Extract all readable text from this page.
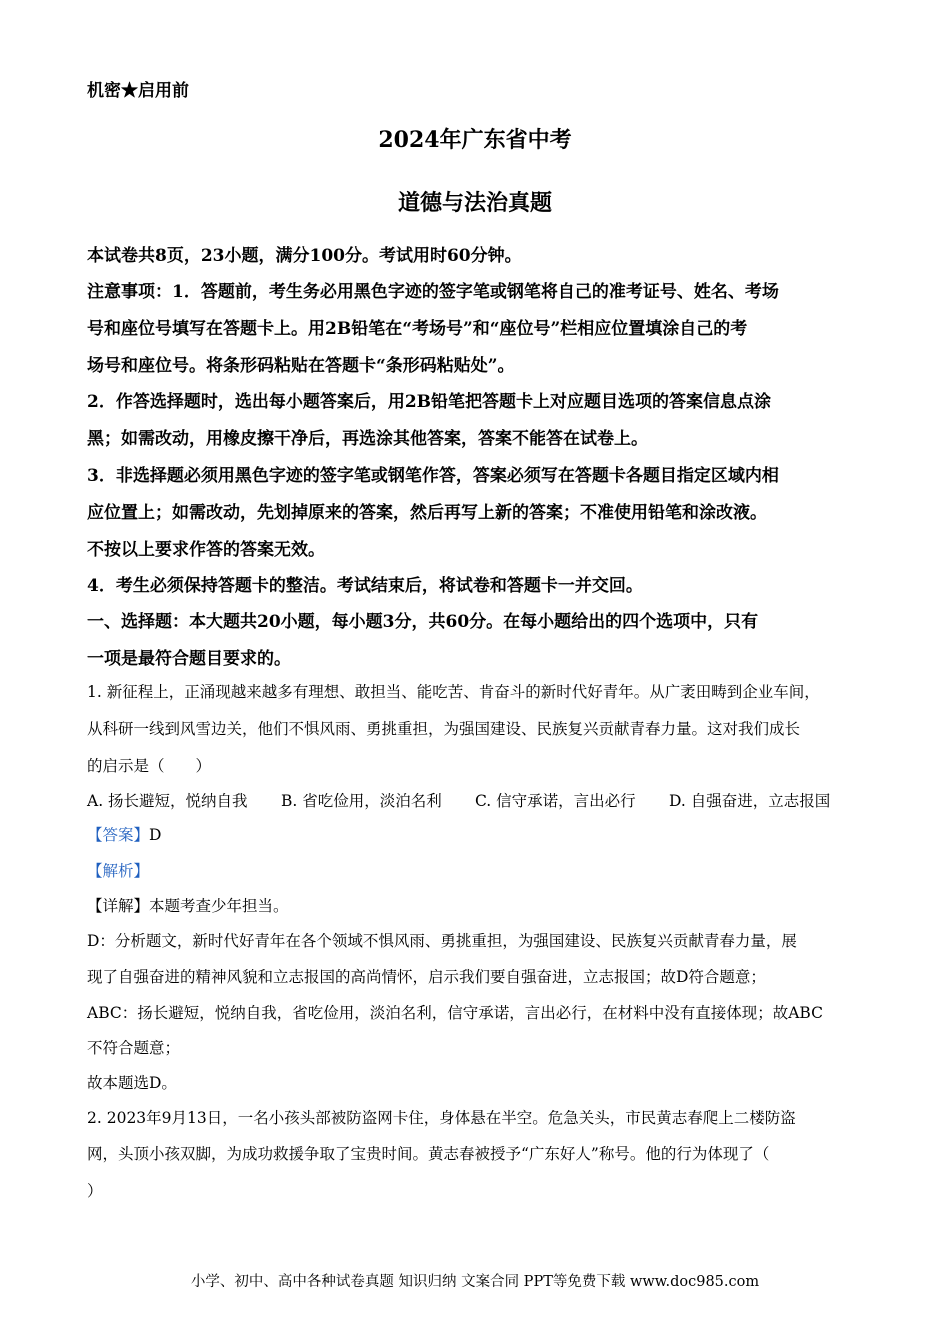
机密★启用前
2024年广东省中考
道德与法治真题
本试卷共8页，23小题，满分100分。考试用时60分钟。
注意事项：1．答题前，考生务必用黑色字迹的签字笔或钢笔将自己的准考证号、姓名、考场
号和座位号填写在答题卡上。用2B铅笔在“考场号”和“座位号”栏相应位置填涂自己的考
场号和座位号。将条形码粘贴在答题卡“条形码粘贴处”。
2．作答选择题时，选出每小题答案后，用2B铅笔把答题卡上对应题目选项的答案信息点涂
黑；如需改动，用橡皮擦干净后，再选涂其他答案，答案不能答在试卷上。
3．非选择题必须用黑色字迹的签字笔或钢笔作答，答案必须写在答题卡各题目指定区域内相
应位置上；如需改动，先划掉原来的答案，然后再写上新的答案；不准使用铅笔和涂改液。
不按以上要求作答的答案无效。
4．考生必须保持答题卡的整洁。考试结束后，将试卷和答题卡一并交回。
一、选择题：本大题共20小题，每小题3分，共60分。在每小题给出的四个选项中，只有
一项是最符合题目要求的。
1. 新征程上，正涌现越来越多有理想、敢担当、能吃苦、肯奋斗的新时代好青年。从广袤田畴到企业车间，
从科研一线到风雪边关，他们不惧风雨、勇挑重担，为强国建设、民族复兴贡献青春力量。这对我们成长
的启示是（　　）
A. 扬长避短，悦纳自我 B. 省吃俭用，淡泊名利 C. 信守承诺，言出必行 D. 自强奋进，立志报国
【答案】D
【解析】
【详解】本题考查少年担当。
D：分析题文，新时代好青年在各个领域不惧风雨、勇挑重担，为强国建设、民族复兴贡献青春力量，展
现了自强奋进的精神风貌和立志报国的高尚情怀，启示我们要自强奋进，立志报国；故D符合题意；
ABC：扬长避短，悦纳自我，省吃俭用，淡泊名利，信守承诺，言出必行，在材料中没有直接体现；故ABC
不符合题意；
故本题选D。
2. 2023年9月13日，一名小孩头部被防盗网卡住，身体悬在半空。危急关头，市民黄志春爬上二楼防盗
网，头顶小孩双脚，为成功救援争取了宝贵时间。黄志春被授予“广东好人”称号。他的行为体现了（
）
小学、初中、高中各种试卷真题 知识归纳 文案合同 PPT等免费下载 www.doc985.com
